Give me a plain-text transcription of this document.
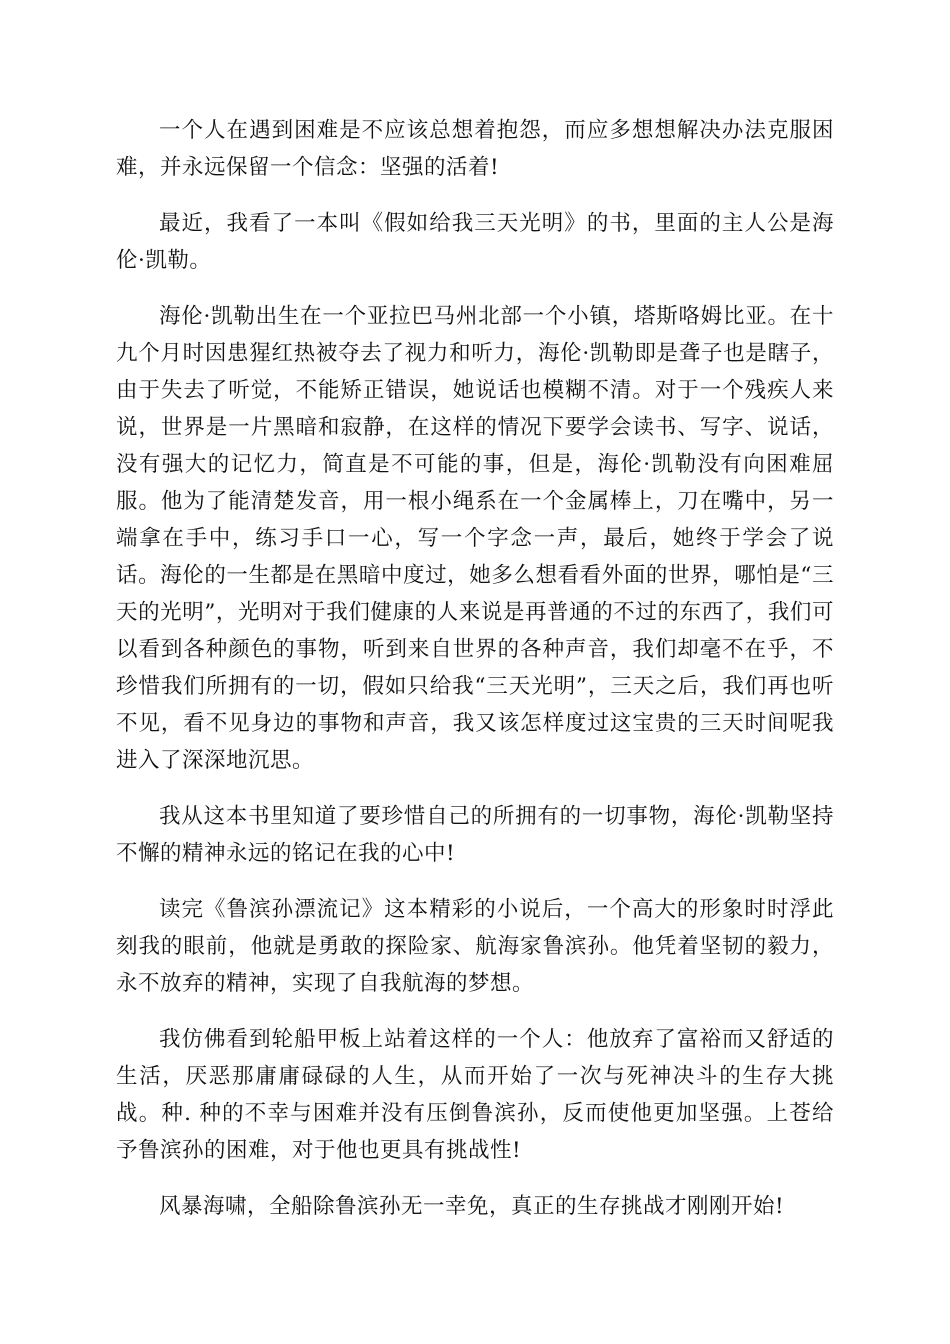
一个人在遇到困难是不应该总想着抱怨，而应多想想解决办法克服困难，并永远保留一个信念：坚强的活着!

最近，我看了一本叫《假如给我三天光明》的书，里面的主人公是海伦·凯勒。

海伦·凯勒出生在一个亚拉巴马州北部一个小镇，塔斯咯姆比亚。在十九个月时因患猩红热被夺去了视力和听力，海伦·凯勒即是聋子也是瞎子，由于失去了听觉，不能矫正错误，她说话也模糊不清。对于一个残疾人来说，世界是一片黑暗和寂静，在这样的情况下要学会读书、写字、说话，没有强大的记忆力，简直是不可能的事，但是，海伦·凯勒没有向困难屈服。他为了能清楚发音，用一根小绳系在一个金属棒上，刀在嘴中，另一端拿在手中，练习手口一心，写一个字念一声，最后，她终于学会了说话。海伦的一生都是在黑暗中度过，她多么想看看外面的世界，哪怕是“三天的光明”，光明对于我们健康的人来说是再普通的不过的东西了，我们可以看到各种颜色的事物，听到来自世界的各种声音，我们却毫不在乎，不珍惜我们所拥有的一切，假如只给我“三天光明”，三天之后，我们再也听不见，看不见身边的事物和声音，我又该怎样度过这宝贵的三天时间呢我进入了深深地沉思。

我从这本书里知道了要珍惜自己的所拥有的一切事物，海伦·凯勒坚持不懈的精神永远的铭记在我的心中!

读完《鲁滨孙漂流记》这本精彩的小说后，一个高大的形象时时浮此刻我的眼前，他就是勇敢的探险家、航海家鲁滨孙。他凭着坚韧的毅力，永不放弃的精神，实现了自我航海的梦想。

我仿佛看到轮船甲板上站着这样的一个人：他放弃了富裕而又舒适的生活，厌恶那庸庸碌碌的人生，从而开始了一次与死神决斗的生存大挑战。种. 种的不幸与困难并没有压倒鲁滨孙，反而使他更加坚强。上苍给予鲁滨孙的困难，对于他也更具有挑战性!

风暴海啸，全船除鲁滨孙无一幸免，真正的生存挑战才刚刚开始!
